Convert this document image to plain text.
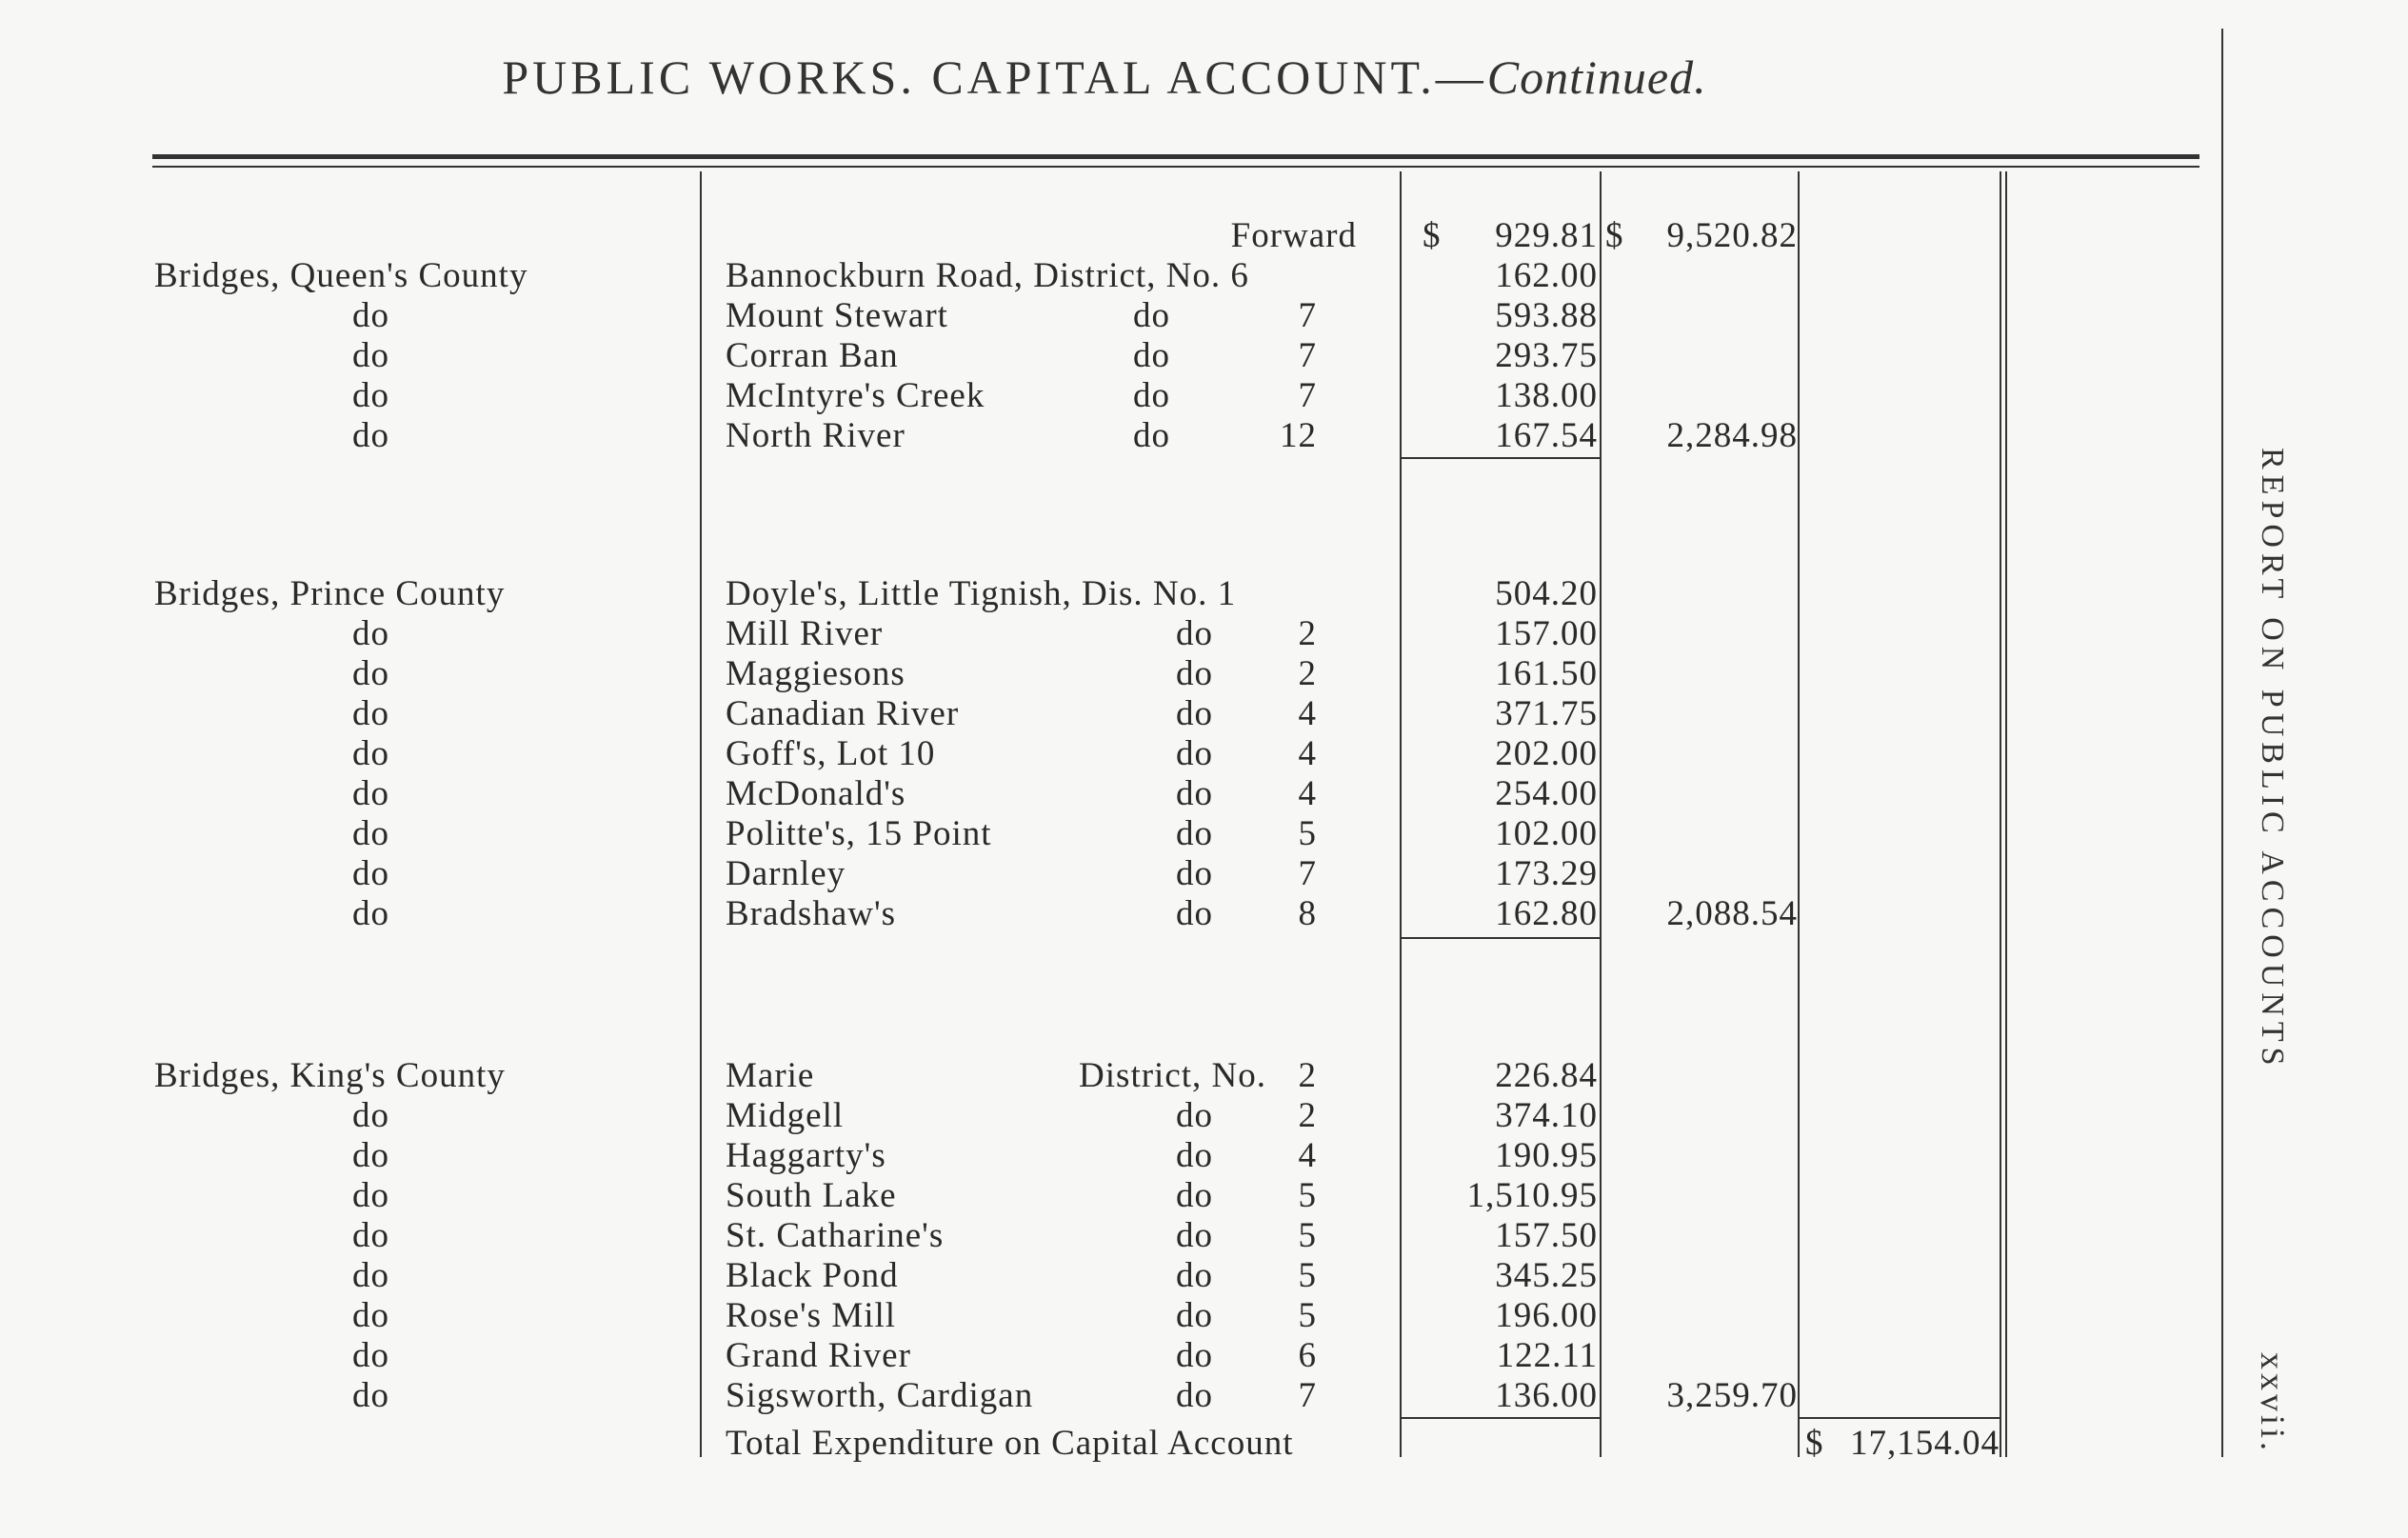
PUBLIC WORKS. CAPITAL ACCOUNT.—Continued.
Forward $	929.81 $	9,520.82
Bridges, Queen's County	Bannockburn Road, District, No. 6	162.00
do	Mount Stewart	do	7	593.88
do	Corran Ban	do	7	293.75
do	McIntyre's Creek	do	7	138.00
do	North River	do	12	167.54	2,284.98
Bridges, Prince County	Doyle's, Little Tignish, Dis. No. 1	504.20
do	Mill River	do	2	157.00
do	Maggiesons	do	2	161.50
do	Canadian River	do	4	371.75
do	Goff's, Lot 10	do	4	202.00
do	McDonald's	do	4	254.00
do	Politte's, 15 Point	do	5	102.00
do	Darnley	do	7	173.29
do	Bradshaw's	do	8	162.80	2,088.54
Bridges, King's County	Marie	District, No. 2	226.84
do	Midgell	do	2	374.10
do	Haggarty's	do	4	190.95
do	South Lake	do	5	1,510.95
do	St. Catharine's	do	5	157.50
do	Black Pond	do	5	345.25
do	Rose's Mill	do	5	196.00
do	Grand River	do	6	122.11
do	Sigsworth, Cardigan	do	7	136.00	3,259.70
Total Expenditure on Capital Account	$ 17,154.04
REPORT ON PUBLIC ACCOUNTS
xxvii.
